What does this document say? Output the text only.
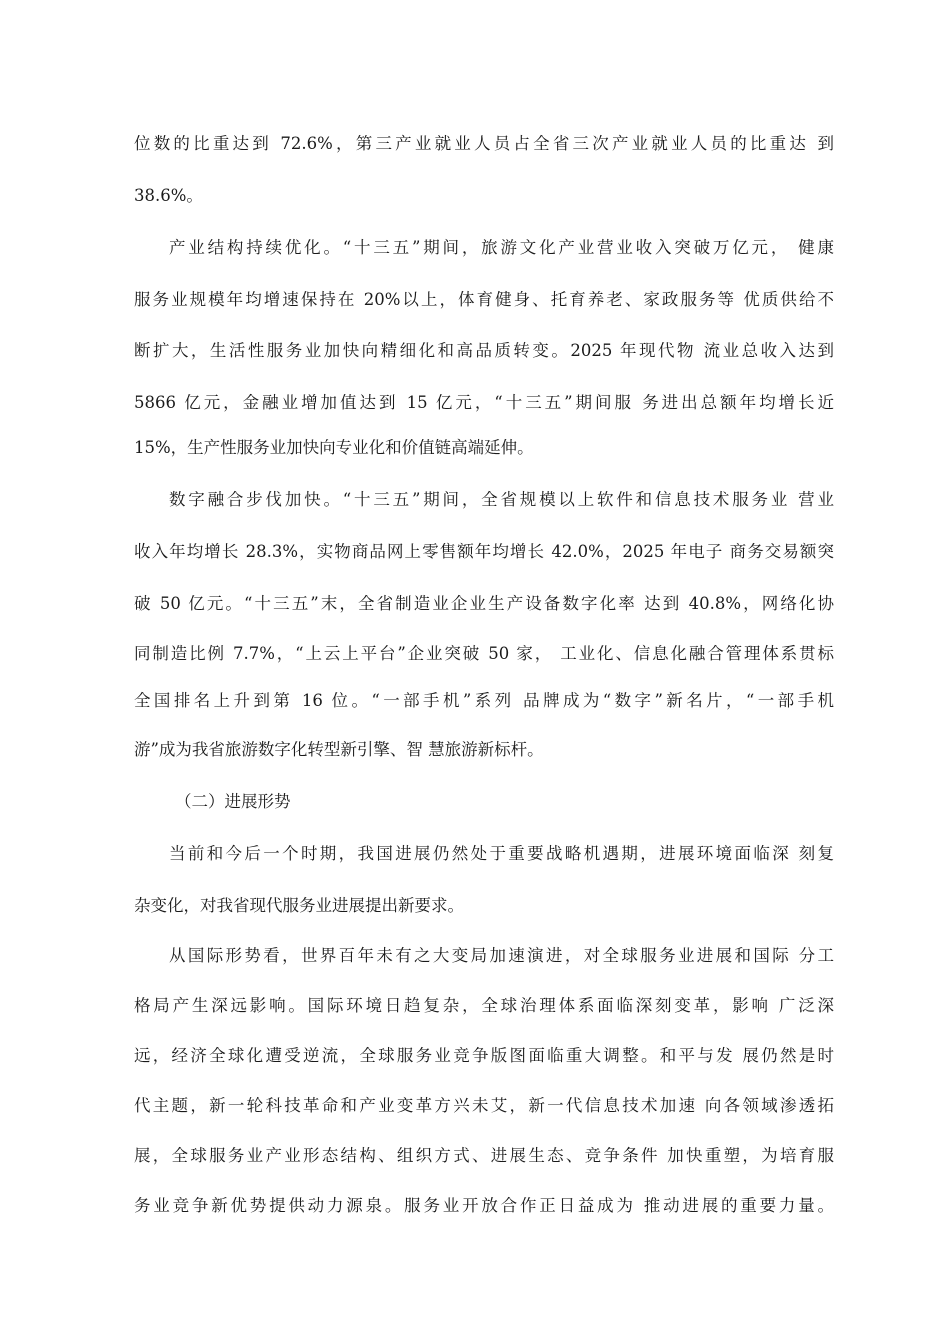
位数的比重达到 72.6%，第三产业就业人员占全省三次产业就业人员的比重达 到
38.6%。
产业结构持续优化。“十三五”期间，旅游文化产业营业收入突破万亿元， 健康
服务业规模年均增速保持在 20%以上，体育健身、托育养老、家政服务等 优质供给不
断扩大，生活性服务业加快向精细化和高品质转变。2025 年现代物 流业总收入达到
5866 亿元，金融业增加值达到 15 亿元，“十三五”期间服 务进出总额年均增长近
15%，生产性服务业加快向专业化和价值链高端延伸。
数字融合步伐加快。“十三五”期间，全省规模以上软件和信息技术服务业 营业
收入年均增长 28.3%，实物商品网上零售额年均增长 42.0%，2025 年电子 商务交易额突
破 50 亿元。“十三五”末，全省制造业企业生产设备数字化率 达到 40.8%，网络化协
同制造比例 7.7%，“上云上平台”企业突破 50 家， 工业化、信息化融合管理体系贯标
全国排名上升到第 16 位。“一部手机”系列 品牌成为“数字”新名片，“一部手机
游”成为我省旅游数字化转型新引擎、智 慧旅游新标杆。
（二）进展形势
当前和今后一个时期，我国进展仍然处于重要战略机遇期，进展环境面临深 刻复
杂变化，对我省现代服务业进展提出新要求。
从国际形势看，世界百年未有之大变局加速演进，对全球服务业进展和国际 分工
格局产生深远影响。国际环境日趋复杂，全球治理体系面临深刻变革，影响 广泛深
远，经济全球化遭受逆流，全球服务业竞争版图面临重大调整。和平与发 展仍然是时
代主题，新一轮科技革命和产业变革方兴未艾，新一代信息技术加速 向各领域渗透拓
展，全球服务业产业形态结构、组织方式、进展生态、竞争条件 加快重塑，为培育服
务业竞争新优势提供动力源泉。服务业开放合作正日益成为 推动进展的重要力量。
